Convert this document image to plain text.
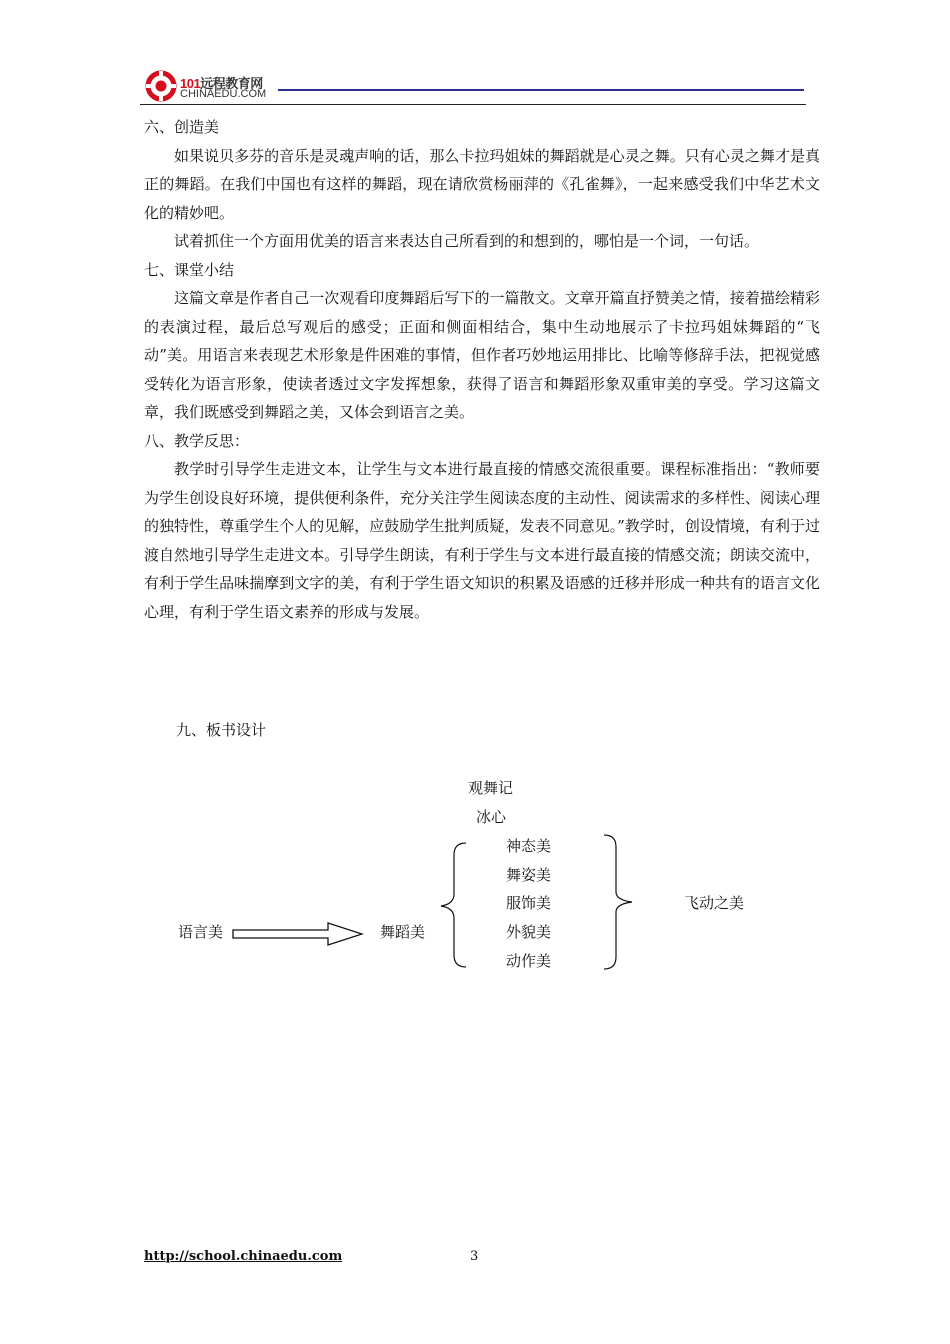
101远程教育网
CHINAEDU.COM

六、创造美

如果说贝多芬的音乐是灵魂声响的话，那么卡拉玛姐妹的舞蹈就是心灵之舞。只有心灵之舞才是真正的舞蹈。在我们中国也有这样的舞蹈，现在请欣赏杨丽萍的《孔雀舞》，一起来感受我们中华艺术文化的精妙吧。

试着抓住一个方面用优美的语言来表达自己所看到的和想到的，哪怕是一个词，一句话。

七、课堂小结

这篇文章是作者自己一次观看印度舞蹈后写下的一篇散文。文章开篇直抒赞美之情，接着描绘精彩的表演过程，最后总写观后的感受；正面和侧面相结合，集中生动地展示了卡拉玛姐妹舞蹈的“飞动”美。用语言来表现艺术形象是件困难的事情，但作者巧妙地运用排比、比喻等修辞手法，把视觉感受转化为语言形象，使读者透过文字发挥想象，获得了语言和舞蹈形象双重审美的享受。学习这篇文章，我们既感受到舞蹈之美，又体会到语言之美。

八、教学反思：

教学时引导学生走进文本，让学生与文本进行最直接的情感交流很重要。课程标准指出：“教师要为学生创设良好环境，提供便利条件，充分关注学生阅读态度的主动性、阅读需求的多样性、阅读心理的独特性，尊重学生个人的见解，应鼓励学生批判质疑，发表不同意见。”教学时，创设情境，有利于过渡自然地引导学生走进文本。引导学生朗读，有利于学生与文本进行最直接的情感交流；朗读交流中，有利于学生品味揣摩到文字的美，有利于学生语文知识的积累及语感的迁移并形成一种共有的语言文化心理，有利于学生语文素养的形成与发展。

九、板书设计
观舞记
冰心
语言美	舞蹈美
神态美
舞姿美
服饰美
外貌美
动作美
飞动之美
http://school.chinaedu.com	3
